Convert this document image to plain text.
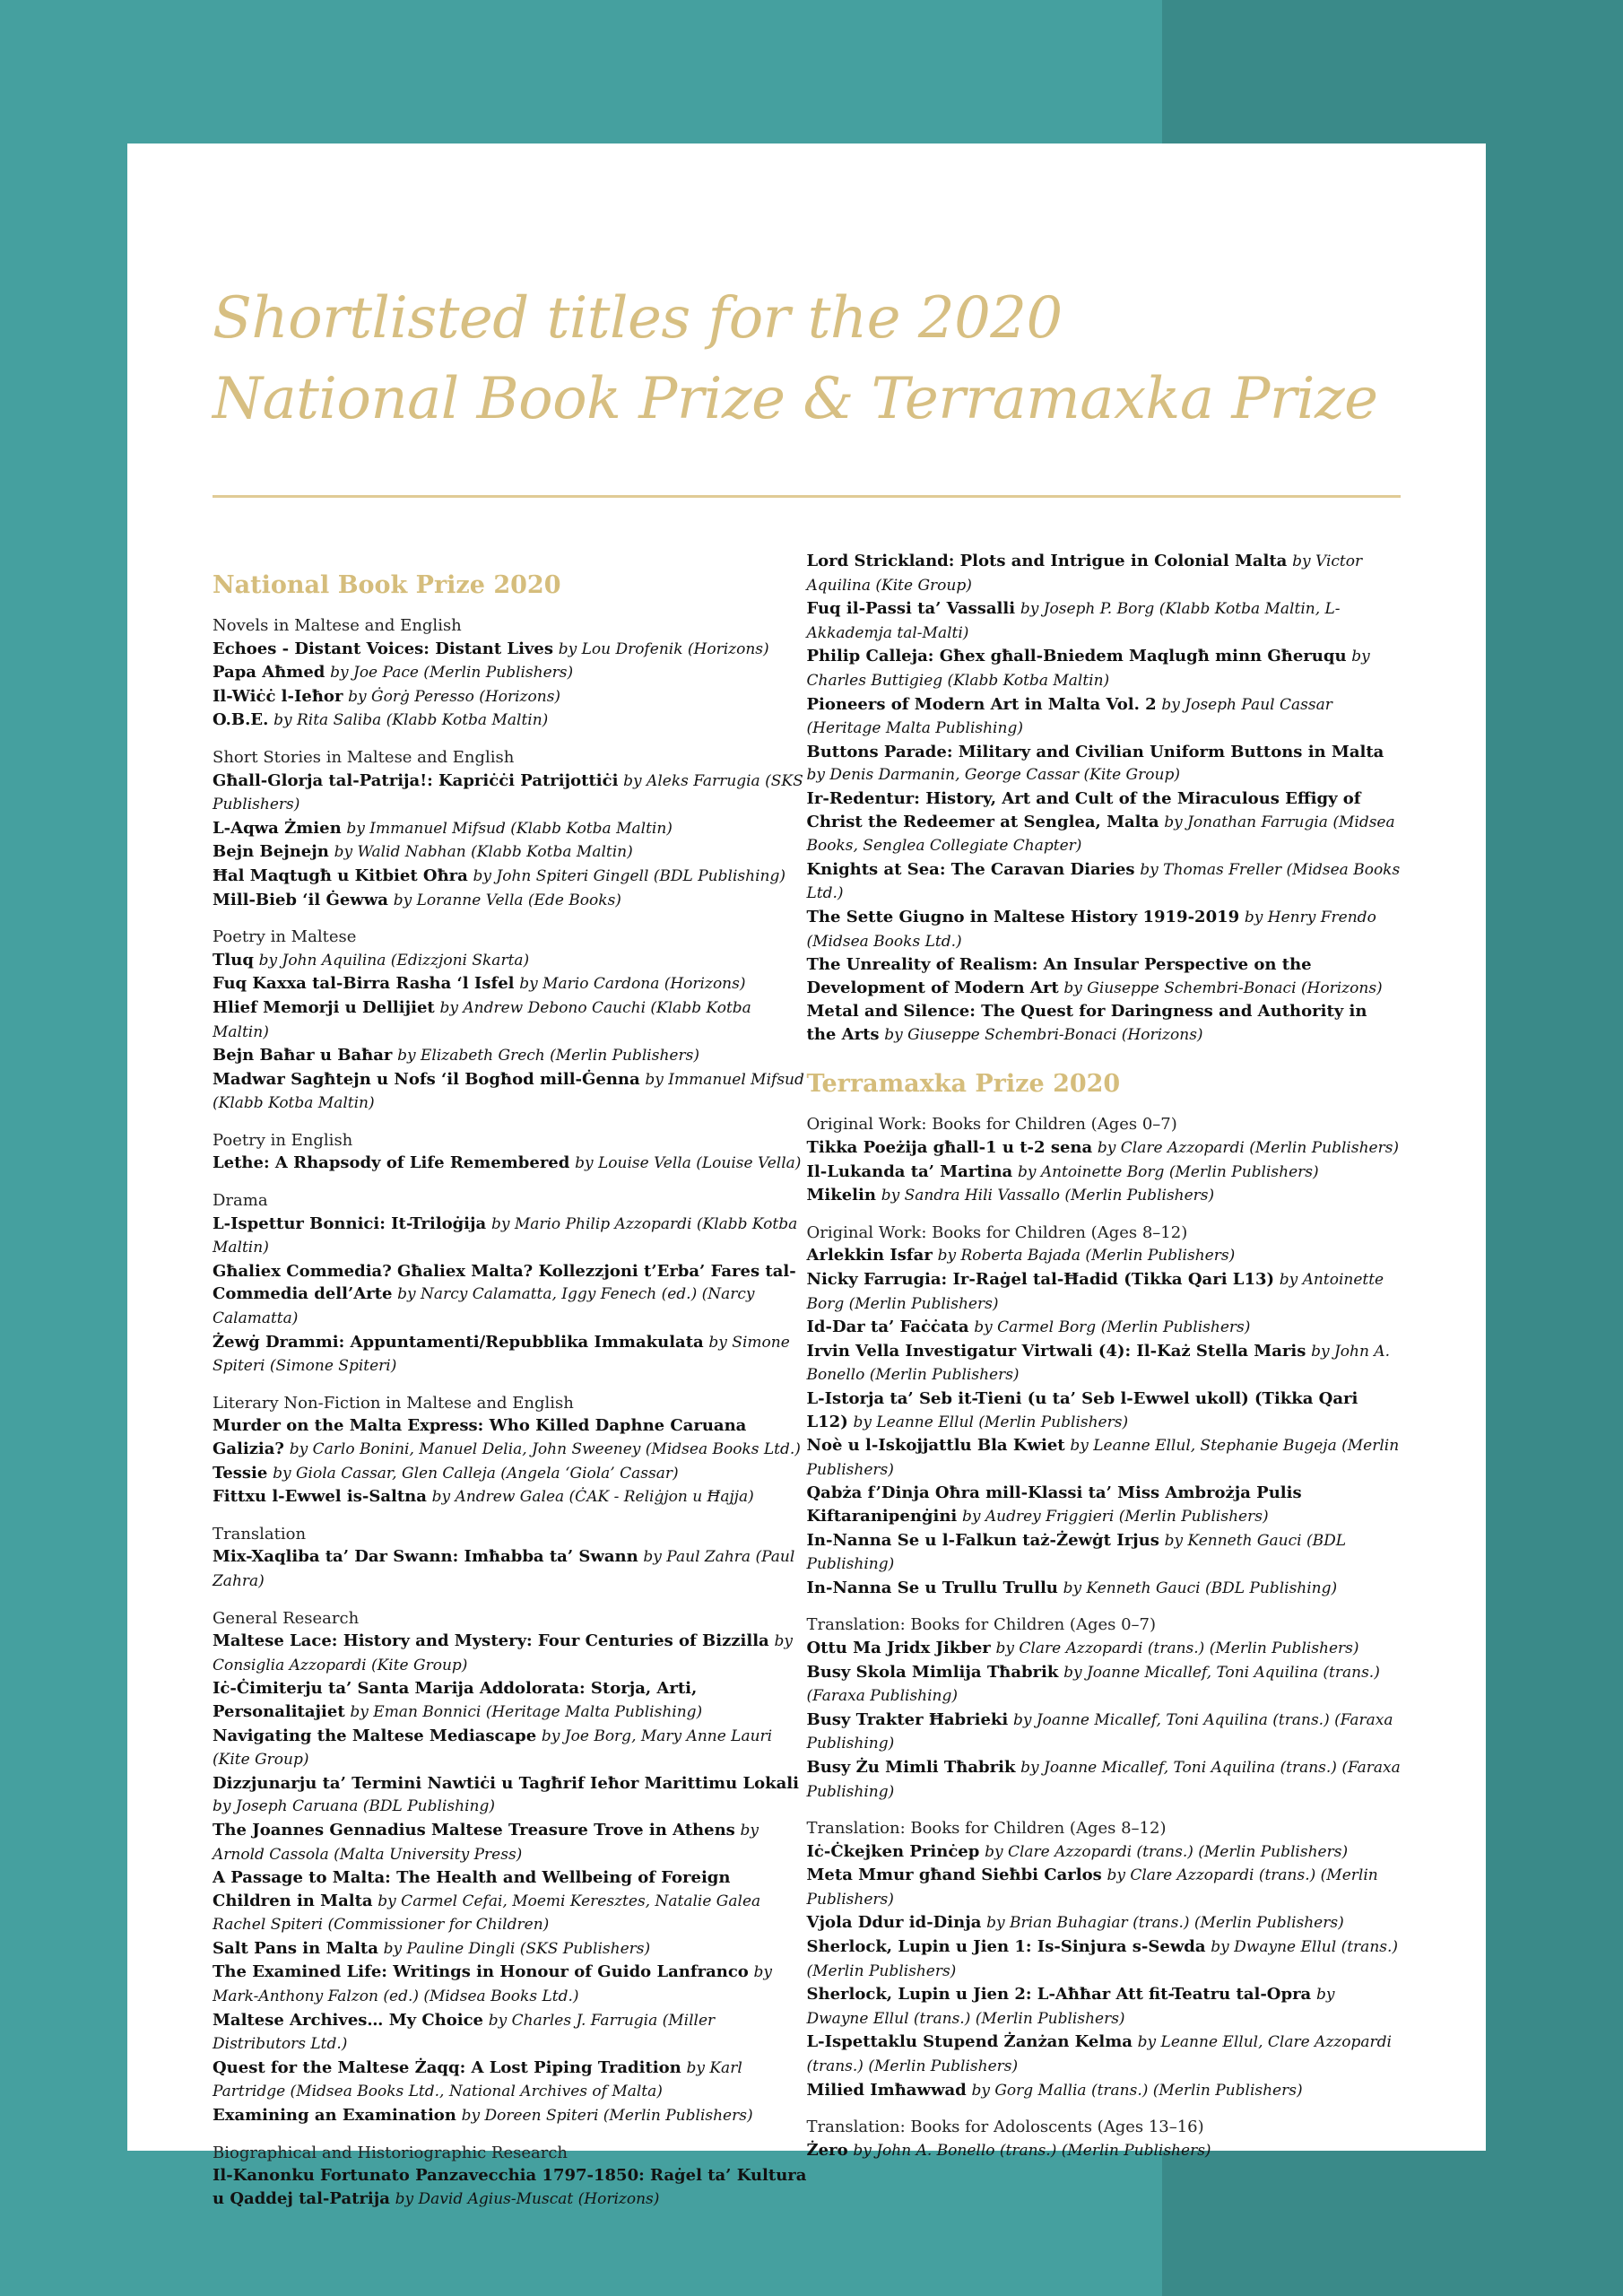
Shortlisted titles for the 2020
National Book Prize & Terramaxka Prize
National Book Prize 2020
Novels in Maltese and English
Echoes - Distant Voices: Distant Lives by Lou Drofenik (Horizons)
Papa Aħmed by Joe Pace (Merlin Publishers)
Il-Wiċċ l-Ieħor by Ġorġ Peresso (Horizons)
O.B.E. by Rita Saliba (Klabb Kotba Maltin)
Short Stories in Maltese and English
Għall-Glorja tal-Patrija!: Kapriċċi Patrijottiċi by Aleks Farrugia (SKS Publishers)
L-Aqwa Żmien by Immanuel Mifsud (Klabb Kotba Maltin)
Bejn Bejnejn by Walid Nabhan (Klabb Kotba Maltin)
Ħal Maqtugħ u Kitbiet Oħra by John Spiteri Gingell (BDL Publishing)
Mill-Bieb ‘il Ġewwa by Loranne Vella (Ede Books)
Poetry in Maltese
Tluq by John Aquilina (Edizzjoni Skarta)
Fuq Kaxxa tal-Birra Rasha ‘l Isfel by Mario Cardona (Horizons)
Hlief Memorji u Dellijiet by Andrew Debono Cauchi (Klabb Kotba Maltin)
Bejn Baħar u Baħar by Elizabeth Grech (Merlin Publishers)
Madwar Sagħtejn u Nofs ‘il Bogħod mill-Ġenna by Immanuel Mifsud (Klabb Kotba Maltin)
Poetry in English
Lethe: A Rhapsody of Life Remembered by Louise Vella (Louise Vella)
Drama
L-Ispettur Bonnici: It-Triloġija by Mario Philip Azzopardi (Klabb Kotba Maltin)
Għaliex Commedia? Għaliex Malta? Kollezzjoni t’Erba’ Fares tal-Commedia dell’Arte by Narcy Calamatta, Iggy Fenech (ed.) (Narcy Calamatta)
Żewġ Drammi: Appuntamenti/Repubblika Immakulata by Simone Spiteri (Simone Spiteri)
Literary Non-Fiction in Maltese and English
Murder on the Malta Express: Who Killed Daphne Caruana Galizia? by Carlo Bonini, Manuel Delia, John Sweeney (Midsea Books Ltd.)
Tessie by Giola Cassar, Glen Calleja (Angela ‘Giola’ Cassar)
Fittxu l-Ewwel is-Saltna by Andrew Galea (ĊAK - Reliġjon u Ħajja)
Translation
Mix-Xaqliba ta’ Dar Swann: Imħabba ta’ Swann by Paul Zahra (Paul Zahra)
General Research
Maltese Lace: History and Mystery: Four Centuries of Bizzilla by Consiglia Azzopardi (Kite Group)
Iċ-Ċimiterju ta’ Santa Marija Addolorata: Storja, Arti, Personalitajiet by Eman Bonnici (Heritage Malta Publishing)
Navigating the Maltese Mediascape by Joe Borg, Mary Anne Lauri (Kite Group)
Dizzjunarju ta’ Termini Nawtiċi u Tagħrif Ieħor Marittimu Lokali by Joseph Caruana (BDL Publishing)
The Joannes Gennadius Maltese Treasure Trove in Athens by Arnold Cassola (Malta University Press)
A Passage to Malta: The Health and Wellbeing of Foreign Children in Malta by Carmel Cefai, Moemi Keresztes, Natalie Galea Rachel Spiteri (Commissioner for Children)
Salt Pans in Malta by Pauline Dingli (SKS Publishers)
The Examined Life: Writings in Honour of Guido Lanfranco by Mark-Anthony Falzon (ed.) (Midsea Books Ltd.)
Maltese Archives… My Choice by Charles J. Farrugia (Miller Distributors Ltd.)
Quest for the Maltese Żaqq: A Lost Piping Tradition by Karl Partridge (Midsea Books Ltd., National Archives of Malta)
Examining an Examination by Doreen Spiteri (Merlin Publishers)
Biographical and Historiographic Research
Il-Kanonku Fortunato Panzavecchia 1797-1850: Raġel ta’ Kultura u Qaddej tal-Patrija by David Agius-Muscat (Horizons)
Lord Strickland: Plots and Intrigue in Colonial Malta by Victor Aquilina (Kite Group)
Fuq il-Passi ta’ Vassalli by Joseph P. Borg (Klabb Kotba Maltin, L-Akkademja tal-Malti)
Philip Calleja: Għex għall-Bniedem Maqlugħ minn Għeruqu by Charles Buttigieg (Klabb Kotba Maltin)
Pioneers of Modern Art in Malta Vol. 2 by Joseph Paul Cassar (Heritage Malta Publishing)
Buttons Parade: Military and Civilian Uniform Buttons in Malta by Denis Darmanin, George Cassar (Kite Group)
Ir-Redentur: History, Art and Cult of the Miraculous Effigy of Christ the Redeemer at Senglea, Malta by Jonathan Farrugia (Midsea Books, Senglea Collegiate Chapter)
Knights at Sea: The Caravan Diaries by Thomas Freller (Midsea Books Ltd.)
The Sette Giugno in Maltese History 1919-2019 by Henry Frendo (Midsea Books Ltd.)
The Unreality of Realism: An Insular Perspective on the Development of Modern Art by Giuseppe Schembri-Bonaci (Horizons)
Metal and Silence: The Quest for Daringness and Authority in the Arts by Giuseppe Schembri-Bonaci (Horizons)
Terramaxka Prize 2020
Original Work: Books for Children (Ages 0–7)
Tikka Poeżija għall-1 u t-2 sena by Clare Azzopardi (Merlin Publishers)
Il-Lukanda ta’ Martina by Antoinette Borg (Merlin Publishers)
Mikelin by Sandra Hili Vassallo (Merlin Publishers)
Original Work: Books for Children (Ages 8–12)
Arlekkin Isfar by Roberta Bajada (Merlin Publishers)
Nicky Farrugia: Ir-Raġel tal-Ħadid (Tikka Qari L13) by Antoinette Borg (Merlin Publishers)
Id-Dar ta’ Faċċata by Carmel Borg (Merlin Publishers)
Irvin Vella Investigatur Virtwali (4): Il-Każ Stella Maris by John A. Bonello (Merlin Publishers)
L-Istorja ta’ Seb it-Tieni (u ta’ Seb l-Ewwel ukoll) (Tikka Qari L12) by Leanne Ellul (Merlin Publishers)
Noè u l-Iskojjattlu Bla Kwiet by Leanne Ellul, Stephanie Bugeja (Merlin Publishers)
Qabża f’Dinja Oħra mill-Klassi ta’ Miss Ambrożja Pulis Kiftaranipenġini by Audrey Friggieri (Merlin Publishers)
In-Nanna Se u l-Falkun taż-Żewġt Irjus by Kenneth Gauci (BDL Publishing)
In-Nanna Se u Trullu Trullu by Kenneth Gauci (BDL Publishing)
Translation: Books for Children (Ages 0–7)
Ottu Ma Jridx Jikber by Clare Azzopardi (trans.) (Merlin Publishers)
Busy Skola Mimlija Tħabrik by Joanne Micallef, Toni Aquilina (trans.) (Faraxa Publishing)
Busy Trakter Ħabrieki by Joanne Micallef, Toni Aquilina (trans.) (Faraxa Publishing)
Busy Żu Mimli Tħabrik by Joanne Micallef, Toni Aquilina (trans.) (Faraxa Publishing)
Translation: Books for Children (Ages 8–12)
Iċ-Ċkejken Prinċep by Clare Azzopardi (trans.) (Merlin Publishers)
Meta Mmur għand Sieħbi Carlos by Clare Azzopardi (trans.) (Merlin Publishers)
Vjola Ddur id-Dinja by Brian Buhagiar (trans.) (Merlin Publishers)
Sherlock, Lupin u Jien 1: Is-Sinjura s-Sewda by Dwayne Ellul (trans.) (Merlin Publishers)
Sherlock, Lupin u Jien 2: L-Aħħar Att fit-Teatru tal-Opra by Dwayne Ellul (trans.) (Merlin Publishers)
L-Ispettaklu Stupend Żanżan Kelma by Leanne Ellul, Clare Azzopardi (trans.) (Merlin Publishers)
Milied Imħawwad by Gorg Mallia (trans.) (Merlin Publishers)
Translation: Books for Adoloscents (Ages 13–16)
Żero by John A. Bonello (trans.) (Merlin Publishers)
